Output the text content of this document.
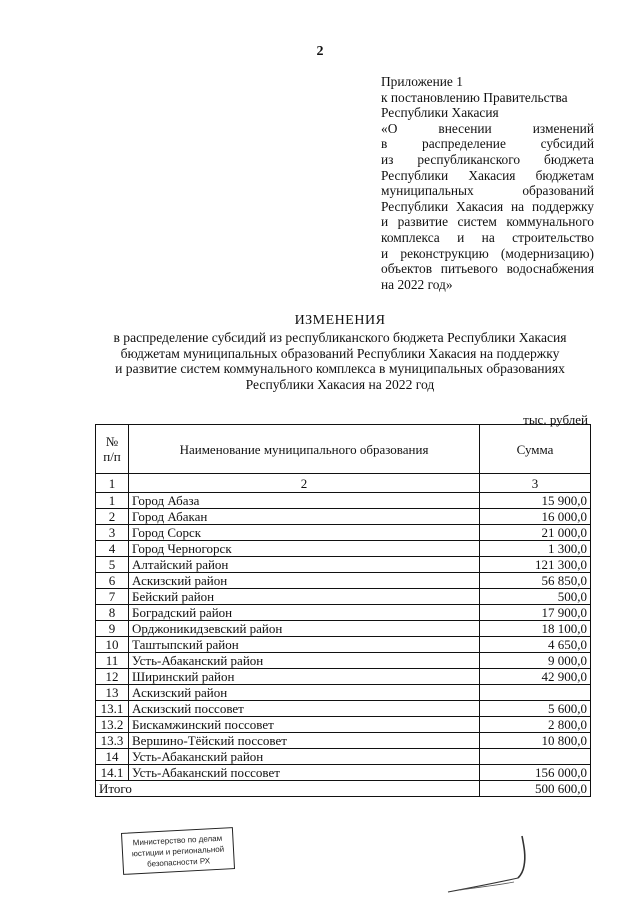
2
Приложение 1
к постановлению Правительства
Республики Хакасия
«О внесении изменений
в распределение субсидий
из республиканского бюджета
Республики Хакасия бюджетам
муниципальных образований
Республики Хакасия на поддержку
и развитие систем коммунального
комплекса и на строительство
и реконструкцию (модернизацию)
объектов питьевого водоснабжения
на 2022 год»
ИЗМЕНЕНИЯ
в распределение субсидий из республиканского бюджета Республики Хакасия
бюджетам муниципальных образований Республики Хакасия на поддержку
и развитие систем коммунального комплекса в муниципальных образованиях
Республики Хакасия на 2022 год
тыс. рублей
№ п/п	Наименование муниципального образования	Сумма
1	2	3
1	Город Абаза	15 900,0
2	Город Абакан	16 000,0
3	Город Сорск	21 000,0
4	Город Черногорск	1 300,0
5	Алтайский район	121 300,0
6	Аскизский район	56 850,0
7	Бейский район	500,0
8	Боградский район	17 900,0
9	Орджоникидзевский район	18 100,0
10	Таштыпский район	4 650,0
11	Усть-Абаканский район	9 000,0
12	Ширинский район	42 900,0
13	Аскизский район	
13.1	Аскизский поссовет	5 600,0
13.2	Бискамжинский поссовет	2 800,0
13.3	Вершино-Тёйский поссовет	10 800,0
14	Усть-Абаканский район	
14.1	Усть-Абаканский поссовет	156 000,0
Итого		500 600,0
Министерство по делам
юстиции и региональной
безопасности РХ
